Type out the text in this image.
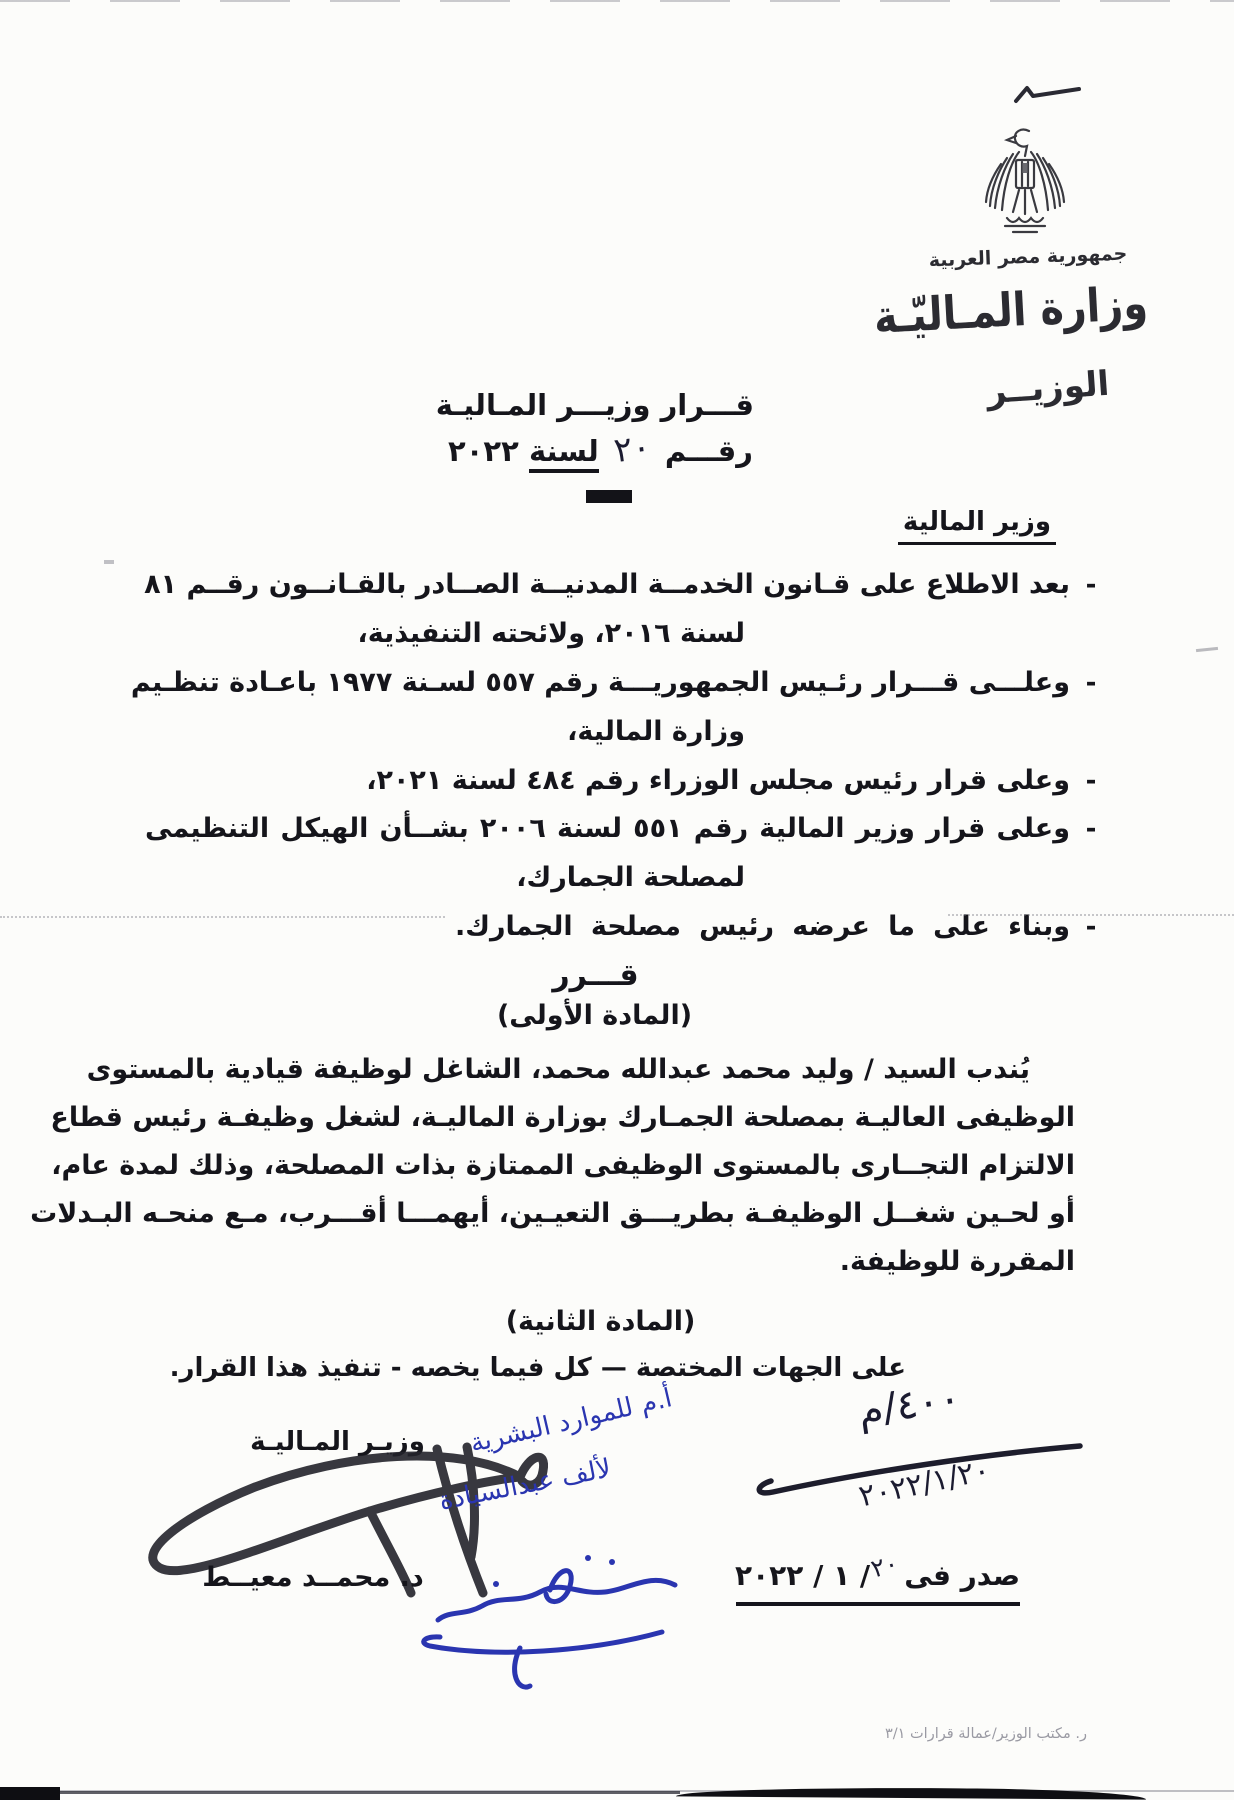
جمهورية مصر العربية
وزارة المـاليّـة
الوزيــر
قـــرار وزيـــر المـاليـة
رقـــم
٢٠
لسنة ٢٠٢٢
وزير المالية
-
-
-
-
-
بعد الاطلاع على قـانون الخدمــة المدنيــة الصــادر بالقـانــون رقــم ٨١
لسنة ٢٠١٦، ولائحته التنفيذية،
وعلـــى قـــرار رئـيس الجمهوريـــة رقم ٥٥٧ لسـنة ١٩٧٧ باعـادة تنظـيم
وزارة المالية،
وعلى قرار رئيس مجلس الوزراء رقم ٤٨٤ لسنة ٢٠٢١،
وعلى قرار وزير المالية رقم ٥٥١ لسنة ٢٠٠٦ بشــأن الهيكل التنظيمى
لمصلحة الجمارك،
وبناء على ما عرضه رئيس مصلحة الجمارك.
قـــرر
(المادة الأولى)
يُندب السيد / وليد محمد عبدالله محمد، الشاغل لوظيفة قيادية بالمستوى
الوظيفى العاليـة بمصلحة الجمـارك بوزارة الماليـة، لشغل وظيفـة رئيس قطاع
الالتزام التجــارى بالمستوى الوظيفى الممتازة بذات المصلحة، وذلك لمدة عام،
أو لحـين شغــل الوظيفـة بطريـــق التعيـين، أيهمـــا أقـــرب، مـع منحـه البـدلات
المقررة للوظيفة.
(المادة الثانية)
على الجهات المختصة — كل فيما يخصه - تنفيذ هذا القرار.
م/٤٠٠
٢٠٢٢/١/٢٠
وزيـر المـاليـة
د. محمــد معيــط
أ.م للموارد البشرية
لألف عبدالسيادة
صدر فى
٢٠
٢٠٢٢ / ١ /
ر. مكتب الوزير/عمالة قرارات ٣/١
